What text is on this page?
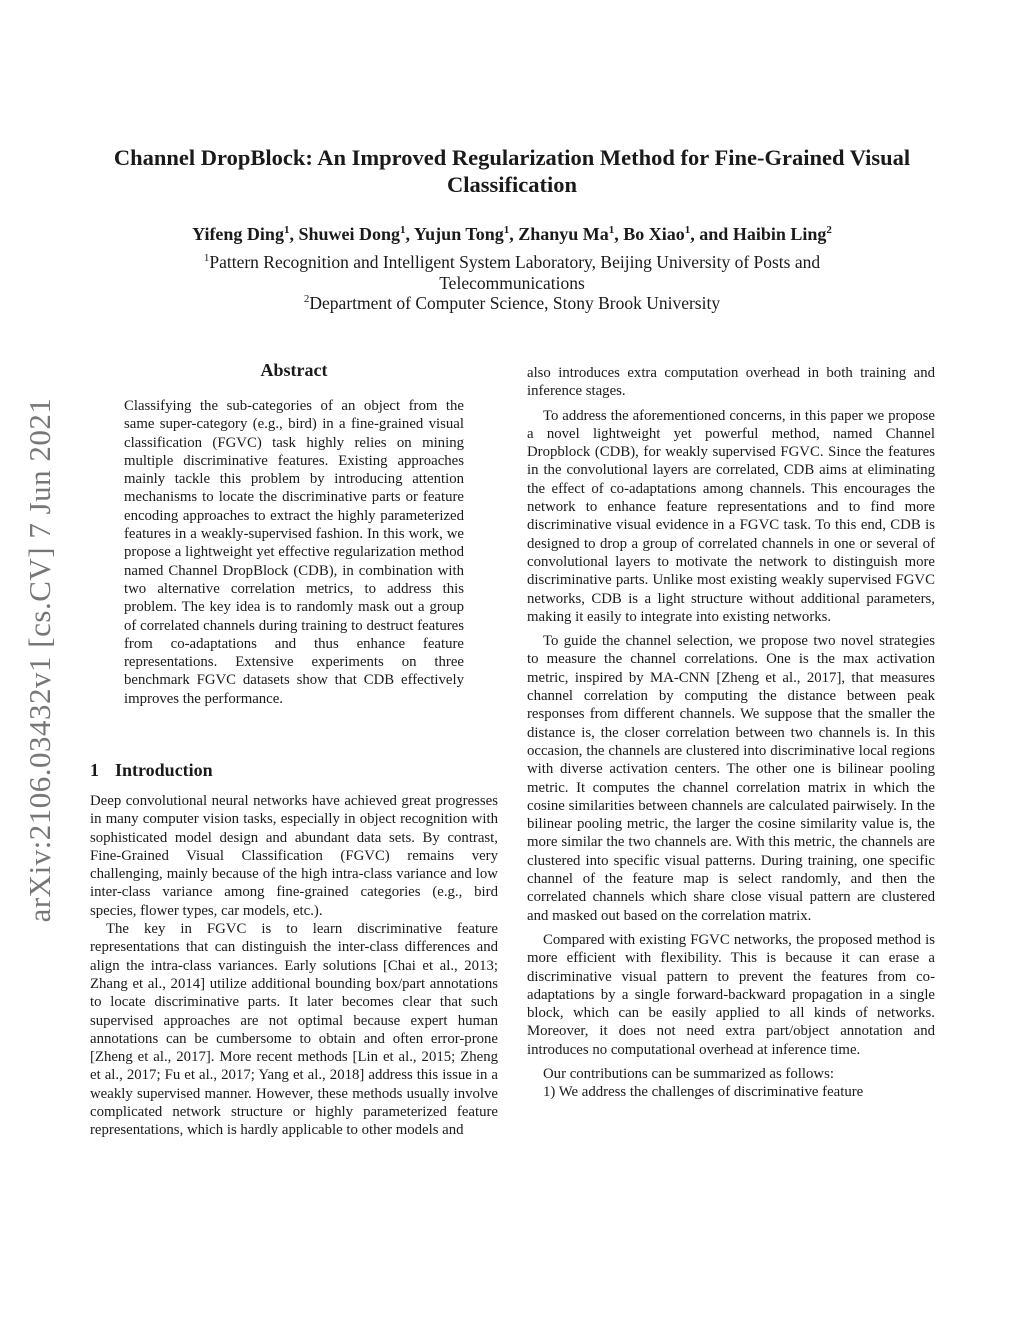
arXiv:2106.03432v1 [cs.CV] 7 Jun 2021
Channel DropBlock: An Improved Regularization Method for Fine-Grained Visual Classification
Yifeng Ding$^1$, Shuwei Dong$^1$, Yujun Tong$^1$, Zhanyu Ma$^1$, Bo Xiao$^1$, and Haibin Ling$^2$
$^1$Pattern Recognition and Intelligent System Laboratory, Beijing University of Posts and Telecommunications
$^2$Department of Computer Science, Stony Brook University
Abstract

Classifying the sub-categories of an object from the same super-category (e.g., bird) in a fine-grained visual classification (FGVC) task highly relies on mining multiple discriminative features. Existing approaches mainly tackle this problem by introducing attention mechanisms to locate the discriminative parts or feature encoding approaches to extract the highly parameterized features in a weakly-supervised fashion. In this work, we propose a lightweight yet effective regularization method named Channel DropBlock (CDB), in combination with two alternative correlation metrics, to address this problem. The key idea is to randomly mask out a group of correlated channels during training to destruct features from co-adaptations and thus enhance feature representations. Extensive experiments on three benchmark FGVC datasets show that CDB effectively improves the performance.

1 Introduction

Deep convolutional neural networks have achieved great progresses in many computer vision tasks, especially in object recognition with sophisticated model design and abundant data sets. By contrast, Fine-Grained Visual Classification (FGVC) remains very challenging, mainly because of the high intra-class variance and low inter-class variance among fine-grained categories (e.g., bird species, flower types, car models, etc.).

The key in FGVC is to learn discriminative feature representations that can distinguish the inter-class differences and align the intra-class variances. Early solutions [Chai et al., 2013; Zhang et al., 2014] utilize additional bounding box/part annotations to locate discriminative parts. It later becomes clear that such supervised approaches are not optimal because expert human annotations can be cumbersome to obtain and often error-prone [Zheng et al., 2017]. More recent methods [Lin et al., 2015; Zheng et al., 2017; Fu et al., 2017; Yang et al., 2018] address this issue in a weakly supervised manner. However, these methods usually involve complicated network structure or highly parameterized feature representations, which is hardly applicable to other models and

also introduces extra computation overhead in both training and inference stages.

To address the aforementioned concerns, in this paper we propose a novel lightweight yet powerful method, named Channel Dropblock (CDB), for weakly supervised FGVC. Since the features in the convolutional layers are correlated, CDB aims at eliminating the effect of co-adaptations among channels. This encourages the network to enhance feature representations and to find more discriminative visual evidence in a FGVC task. To this end, CDB is designed to drop a group of correlated channels in one or several of convolutional layers to motivate the network to distinguish more discriminative parts. Unlike most existing weakly supervised FGVC networks, CDB is a light structure without additional parameters, making it easily to integrate into existing networks.

To guide the channel selection, we propose two novel strategies to measure the channel correlations. One is the max activation metric, inspired by MA-CNN [Zheng et al., 2017], that measures channel correlation by computing the distance between peak responses from different channels. We suppose that the smaller the distance is, the closer correlation between two channels is. In this occasion, the channels are clustered into discriminative local regions with diverse activation centers. The other one is bilinear pooling metric. It computes the channel correlation matrix in which the cosine similarities between channels are calculated pairwisely. In the bilinear pooling metric, the larger the cosine similarity value is, the more similar the two channels are. With this metric, the channels are clustered into specific visual patterns. During training, one specific channel of the feature map is select randomly, and then the correlated channels which share close visual pattern are clustered and masked out based on the correlation matrix.

Compared with existing FGVC networks, the proposed method is more efficient with flexibility. This is because it can erase a discriminative visual pattern to prevent the features from co-adaptations by a single forward-backward propagation in a single block, which can be easily applied to all kinds of networks. Moreover, it does not need extra part/object annotation and introduces no computational overhead at inference time.

Our contributions can be summarized as follows:

1) We address the challenges of discriminative feature
